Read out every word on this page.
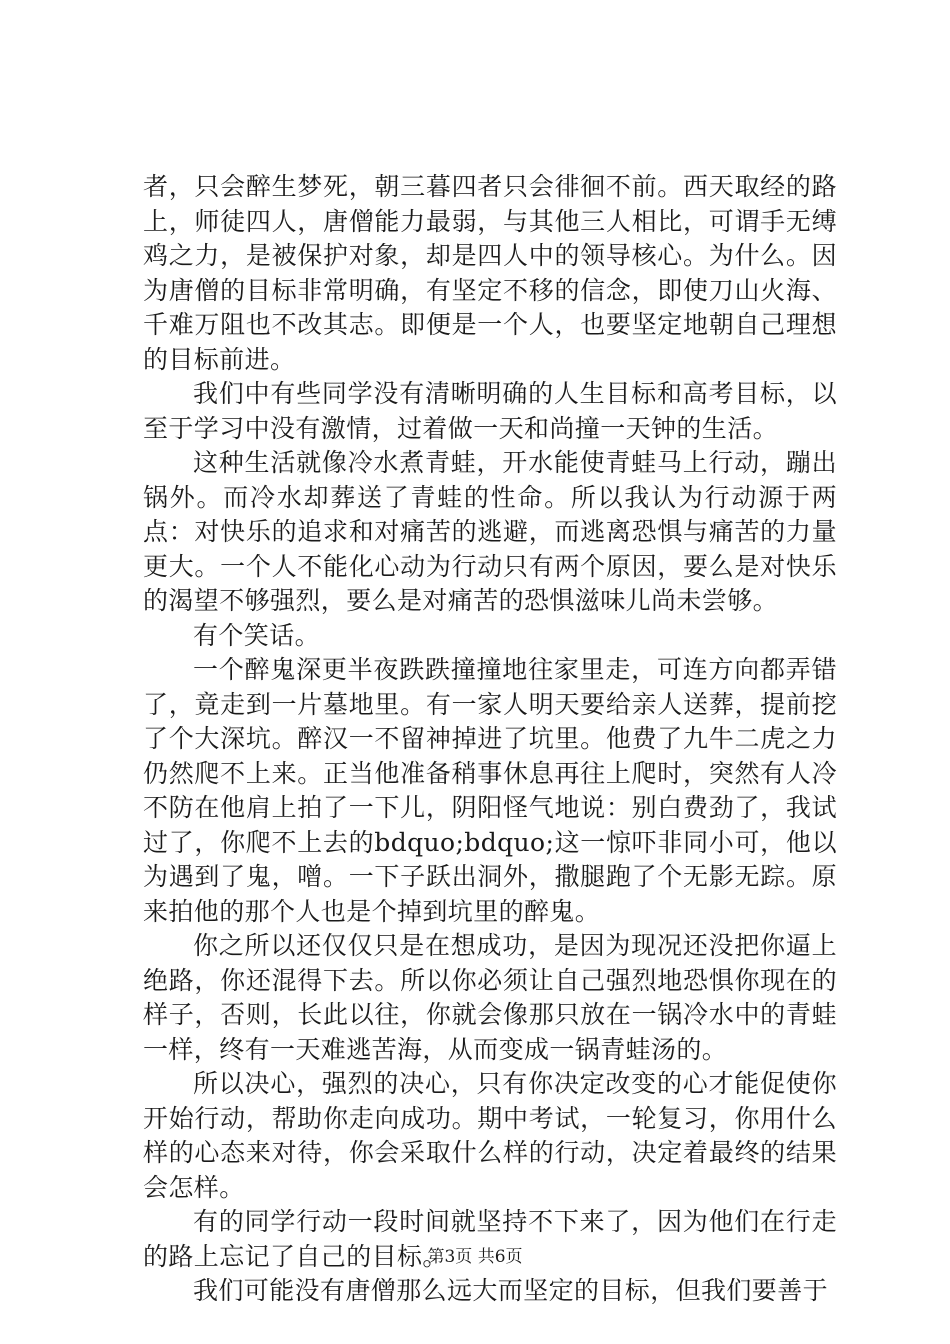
者，只会醉生梦死，朝三暮四者只会徘徊不前。西天取经的路上，师徒四人，唐僧能力最弱，与其他三人相比，可谓手无缚鸡之力，是被保护对象，却是四人中的领导核心。为什么。因为唐僧的目标非常明确，有坚定不移的信念，即使刀山火海、千难万阻也不改其志。即便是一个人，也要坚定地朝自己理想的目标前进。

我们中有些同学没有清晰明确的人生目标和高考目标，以至于学习中没有激情，过着做一天和尚撞一天钟的生活。

这种生活就像冷水煮青蛙，开水能使青蛙马上行动，蹦出锅外。而冷水却葬送了青蛙的性命。所以我认为行动源于两点：对快乐的追求和对痛苦的逃避，而逃离恐惧与痛苦的力量更大。一个人不能化心动为行动只有两个原因，要么是对快乐的渴望不够强烈，要么是对痛苦的恐惧滋味儿尚未尝够。

有个笑话。

一个醉鬼深更半夜跌跌撞撞地往家里走，可连方向都弄错了，竟走到一片墓地里。有一家人明天要给亲人送葬，提前挖了个大深坑。醉汉一不留神掉进了坑里。他费了九牛二虎之力仍然爬不上来。正当他准备稍事休息再往上爬时，突然有人冷不防在他肩上拍了一下儿，阴阳怪气地说：别白费劲了，我试过了，你爬不上去的bdquo;bdquo;这一惊吓非同小可，他以为遇到了鬼，噌。一下子跃出洞外，撒腿跑了个无影无踪。原来拍他的那个人也是个掉到坑里的醉鬼。

你之所以还仅仅只是在想成功，是因为现况还没把你逼上绝路，你还混得下去。所以你必须让自己强烈地恐惧你现在的样子，否则，长此以往，你就会像那只放在一锅冷水中的青蛙一样，终有一天难逃苦海，从而变成一锅青蛙汤的。

所以决心，强烈的决心，只有你决定改变的心才能促使你开始行动，帮助你走向成功。期中考试，一轮复习，你用什么样的心态来对待，你会采取什么样的行动，决定着最终的结果会怎样。

有的同学行动一段时间就坚持不下来了，因为他们在行走的路上忘记了自己的目标。

我们可能没有唐僧那么远大而坚定的目标，但我们要善于

第3页 共6页
